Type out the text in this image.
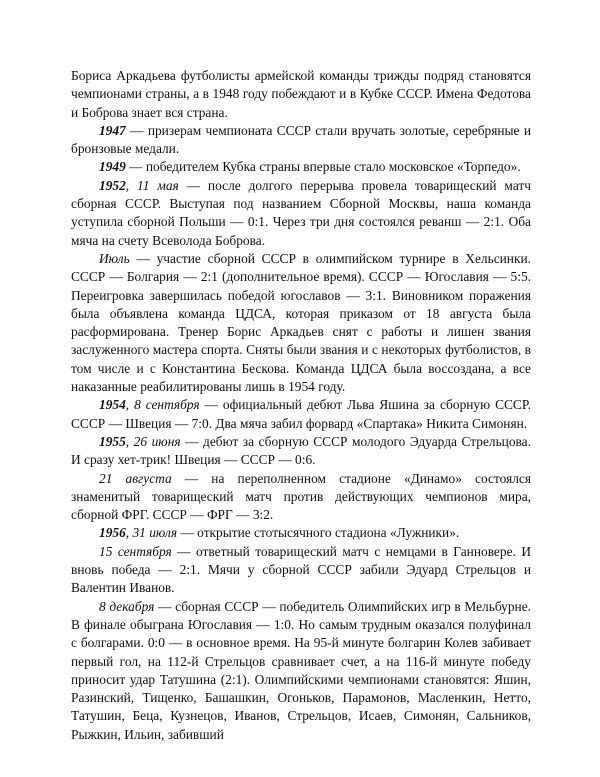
Бориса Аркадьева футболисты армейской команды трижды подряд становятся чемпионами страны, а в 1948 году побеждают и в Кубке СССР. Имена Федотова и Боброва знает вся страна.

1947 — призерам чемпионата СССР стали вручать золотые, серебряные и бронзовые медали.

1949 — победителем Кубка страны впервые стало московское «Торпедо».

1952, 11 мая — после долгого перерыва провела товарищеский матч сборная СССР. Выступая под названием Сборной Москвы, наша команда уступила сборной Польши — 0:1. Через три дня состоялся реванш — 2:1. Оба мяча на счету Всеволода Боброва.

Июль — участие сборной СССР в олимпийском турнире в Хельсинки. СССР — Болгария — 2:1 (дополнительное время). СССР — Югославия — 5:5. Переигровка завершилась победой югославов — 3:1. Виновником поражения была объявлена команда ЦДСА, которая приказом от 18 августа была расформирована. Тренер Борис Аркадьев снят с работы и лишен звания заслуженного мастера спорта. Сняты были звания и с некоторых футболистов, в том числе и с Константина Бескова. Команда ЦДСА была воссоздана, а все наказанные реабилитированы лишь в 1954 году.

1954, 8 сентября — официальный дебют Льва Яшина за сборную СССР. СССР — Швеция — 7:0. Два мяча забил форвард «Спартака» Никита Симонян.

1955, 26 июня — дебют за сборную СССР молодого Эдуарда Стрельцова. И сразу хет-трик! Швеция — СССР — 0:6.

21 августа — на переполненном стадионе «Динамо» состоялся знаменитый товарищеский матч против действующих чемпионов мира, сборной ФРГ. СССР — ФРГ — 3:2.

1956, 31 июля — открытие стотысячного стадиона «Лужники».

15 сентября — ответный товарищеский матч с немцами в Ганновере. И вновь победа — 2:1. Мячи у сборной СССР забили Эдуард Стрельцов и Валентин Иванов.

8 декабря — сборная СССР — победитель Олимпийских игр в Мельбурне. В финале обыграна Югославия — 1:0. Но самым трудным оказался полуфинал с болгарами. 0:0 — в основное время. На 95-й минуте болгарин Колев забивает первый гол, на 112-й Стрельцов сравнивает счет, а на 116-й минуте победу приносит удар Татушина (2:1). Олимпийскими чемпионами становятся: Яшин, Разинский, Тищенко, Башашкин, Огоньков, Парамонов, Масленкин, Нетто, Татушин, Беца, Кузнецов, Иванов, Стрельцов, Исаев, Симонян, Сальников, Рыжкин, Ильин, забивший
